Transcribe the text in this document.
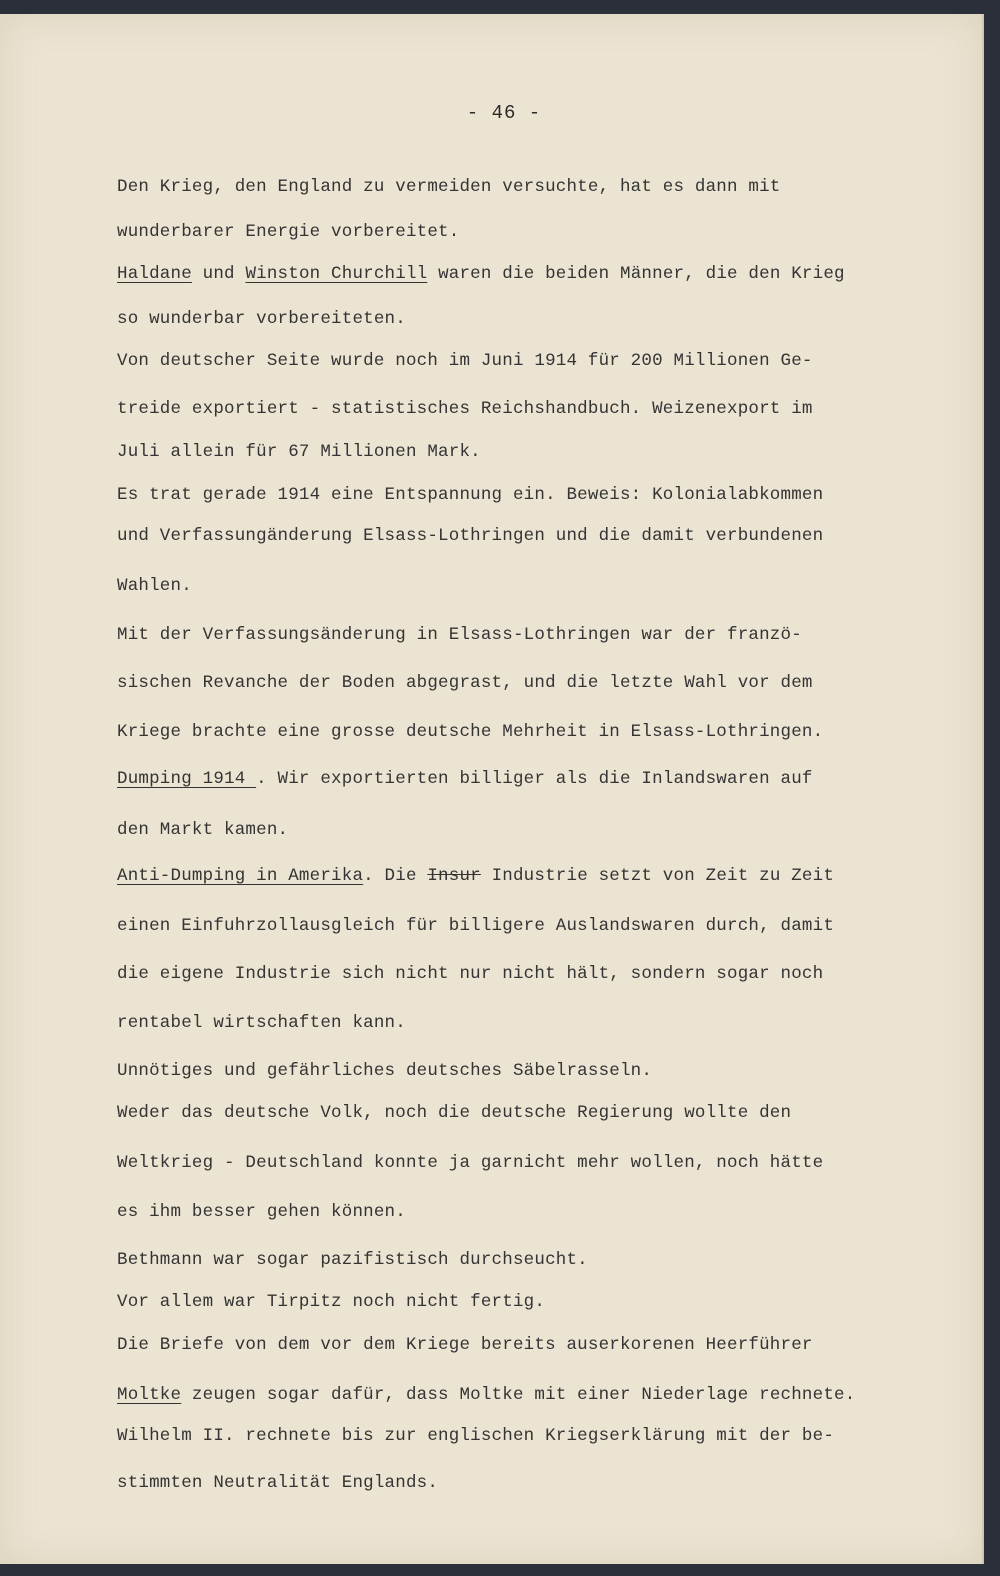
- 46 -
Den Krieg, den England zu vermeiden versuchte, hat es dann mit
wunderbarer Energie vorbereitet.
Haldane und Winston Churchill waren die beiden Männer, die den Krieg
so wunderbar vorbereiteten.
Von deutscher Seite wurde noch im Juni 1914 für 200 Millionen Ge-
treide exportiert - statistisches Reichshandbuch. Weizenexport im
Juli allein für 67 Millionen Mark.
Es trat gerade 1914 eine Entspannung ein. Beweis: Kolonialabkommen
und Verfassungänderung Elsass-Lothringen und die damit verbundenen
Wahlen.
Mit der Verfassungsänderung in Elsass-Lothringen war der franzö-
sischen Revanche der Boden abgegrast, und die letzte Wahl vor dem
Kriege brachte eine grosse deutsche Mehrheit in Elsass-Lothringen.
Dumping 1914 . Wir exportierten billiger als die Inlandswaren auf
den Markt kamen.
Anti-Dumping in Amerika. Die Insur Industrie setzt von Zeit zu Zeit
einen Einfuhrzollausgleich für billigere Auslandswaren durch, damit
die eigene Industrie sich nicht nur nicht hält, sondern sogar noch
rentabel wirtschaften kann.
Unnötiges und gefährliches deutsches Säbelrasseln.
Weder das deutsche Volk, noch die deutsche Regierung wollte den
Weltkrieg - Deutschland konnte ja garnicht mehr wollen, noch hätte
es ihm besser gehen können.
Bethmann war sogar pazifistisch durchseucht.
Vor allem war Tirpitz noch nicht fertig.
Die Briefe von dem vor dem Kriege bereits auserkorenen Heerführer
Moltke zeugen sogar dafür, dass Moltke mit einer Niederlage rechnete.
Wilhelm II. rechnete bis zur englischen Kriegserklärung mit der be-
stimmten Neutralität Englands.
